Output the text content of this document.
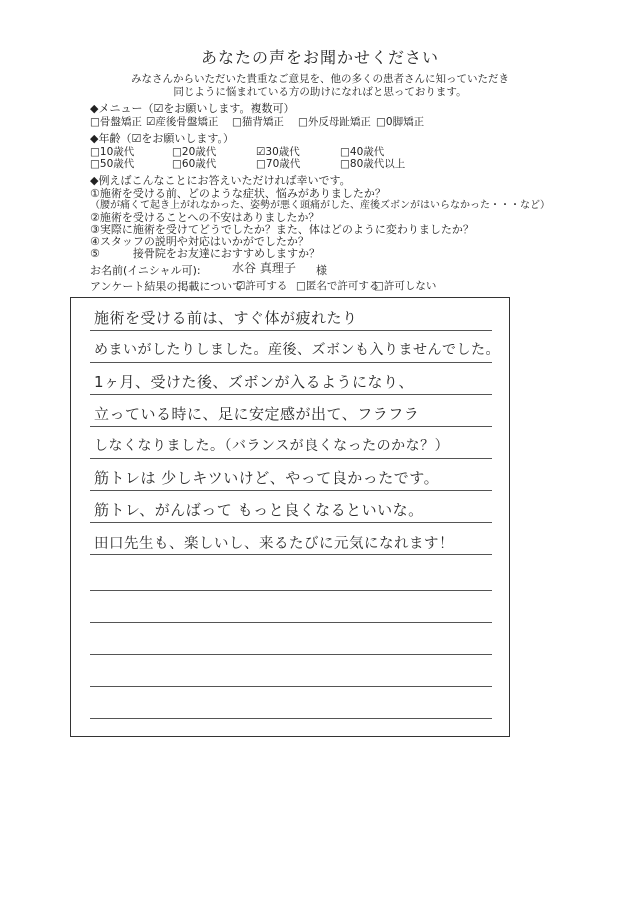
あなたの声をお聞かせください
みなさんからいただいた貴重なご意見を、他の多くの患者さんに知っていただき
同じように悩まれている方の助けになればと思っております。
◆メニュー（☑をお願いします。複数可）
□骨盤矯正 ☑産後骨盤矯正 □猫背矯正 □外反母趾矯正 □0脚矯正
◆年齢（☑をお願いします。）
□10歳代	□20歳代	☑30歳代	□40歳代
□50歳代	□60歳代	□70歳代	□80歳代以上
◆例えばこんなことにお答えいただければ幸いです。
①施術を受ける前、どのような症状、悩みがありましたか？
（腰が痛くて起き上がれなかった、姿勢が悪く頭痛がした、産後ズボンがはいらなかった・・・など）
②施術を受けることへの不安はありましたか？
③実際に施術を受けてどうでしたか？また、体はどのように変わりましたか？
④スタッフの説明や対応はいかがでしたか？
⑤　　　接骨院をお友達におすすめしますか？
お名前(イニシャル可):	水谷 真理子 様
アンケート結果の掲載について
☑許可する □匿名で許可する
□許可しない
施術を受ける前は、すぐ体が疲れたり
めまいがしたりしました。産後、ズボンも入りませんでした。
1ヶ月、受けた後、ズボンが入るようになり、
立っている時に、足に安定感が出て、フラフラ
しなくなりました。（バランスが良くなったのかな？）
筋トレは 少しキツいけど、やって良かったです。
筋トレ、がんばって もっと良くなるといいな。
田口先生も、楽しいし、来るたびに元気になれます！
